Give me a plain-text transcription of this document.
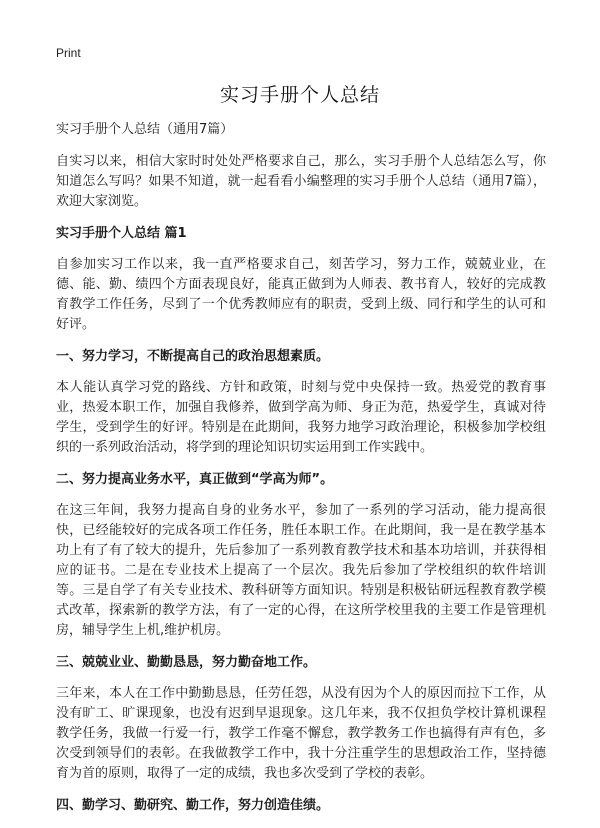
Print
实习手册个人总结
实习手册个人总结（通用7篇）

自实习以来，相信大家时时处处严格要求自己，那么，实习手册个人总结怎么写，你知道怎么写吗？如果不知道，就一起看看小编整理的实习手册个人总结（通用7篇），欢迎大家浏览。

实习手册个人总结 篇1

自参加实习工作以来，我一直严格要求自己，刻苦学习，努力工作，兢兢业业，在德、能、勤、绩四个方面表现良好，能真正做到为人师表、教书育人，较好的完成教育教学工作任务，尽到了一个优秀教师应有的职责，受到上级、同行和学生的认可和好评。

一、努力学习，不断提高自己的政治思想素质。

本人能认真学习党的路线、方针和政策，时刻与党中央保持一致。热爱党的教育事业，热爱本职工作，加强自我修养，做到学高为师、身正为范，热爱学生，真诚对待学生，受到学生的好评。特别是在此期间，我努力地学习政治理论，积极参加学校组织的一系列政治活动，将学到的理论知识切实运用到工作实践中。

二、努力提高业务水平，真正做到“学高为师”。

在这三年间，我努力提高自身的业务水平，参加了一系列的学习活动，能力提高很快，已经能较好的完成各项工作任务，胜任本职工作。在此期间，我一是在教学基本功上有了有了较大的提升，先后参加了一系列教育教学技术和基本功培训，并获得相应的证书。二是在专业技术上提高了一个层次。我先后参加了学校组织的软件培训等。三是自学了有关专业技术、教科研等方面知识。特别是积极钻研远程教育教学模式改革，探索新的教学方法，有了一定的心得，在这所学校里我的主要工作是管理机房，辅导学生上机,维护机房。

三、兢兢业业、勤勤恳恳，努力勤奋地工作。

三年来，本人在工作中勤勤恳恳，任劳任怨，从没有因为个人的原因而拉下工作，从没有旷工、旷课现象，也没有迟到早退现象。这几年来，我不仅担负学校计算机课程教学任务，我做一行爱一行，教学工作毫不懈怠，教学教务工作也搞得有声有色，多次受到领导们的表彰。在我做教学工作中，我十分注重学生的思想政治工作，坚持德育为首的原则，取得了一定的成绩，我也多次受到了学校的表彰。

四、勤学习、勤研究、勤工作，努力创造佳绩。
